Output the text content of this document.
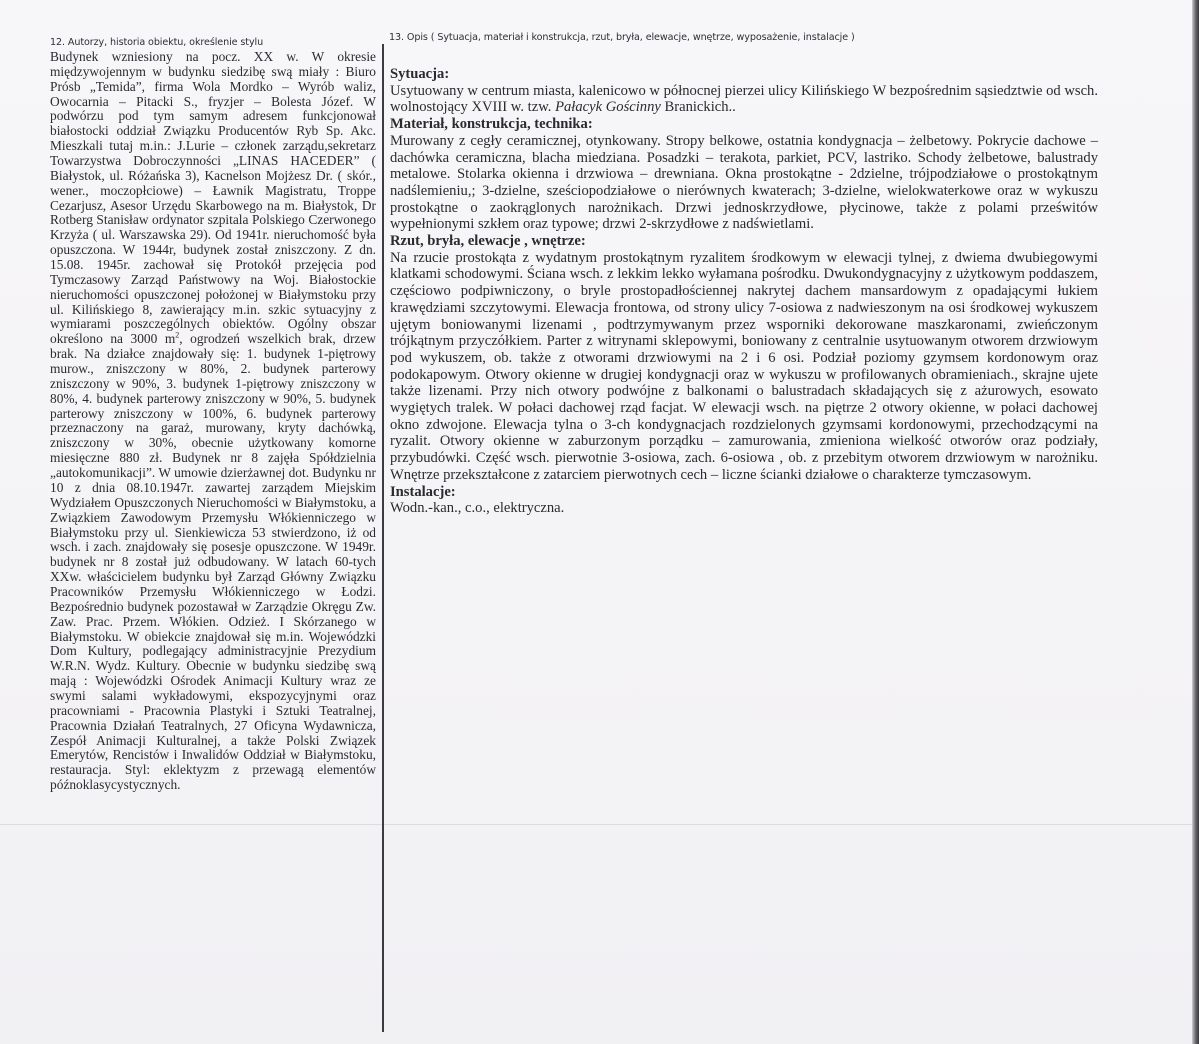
12. Autorzy, historia obiektu, określenie stylu	13. Opis ( Sytuacja, materiał i konstrukcja, rzut, bryła, elewacje, wnętrze, wyposażenie, instalacje )
Budynek wzniesiony na pocz. XX w. W okresie międzywojennym w budynku siedzibę swą miały : Biuro Prósb „Temida”, firma Wola Mordko – Wyrób waliz, Owocarnia – Pitacki S., fryzjer – Bolesta Józef. W podwórzu pod tym samym adresem funkcjonował białostocki oddział Związku Producentów Ryb Sp. Akc. Mieszkali tutaj m.in.: J.Lurie – członek zarządu,sekretarz Towarzystwa Dobroczynności „LINAS HACEDER” ( Białystok, ul. Różańska 3), Kacnelson Mojżesz Dr. ( skór., wener., moczopłciowe) – Ławnik Magistratu, Troppe Cezarjusz, Asesor Urzędu Skarbowego na m. Białystok, Dr Rotberg Stanisław ordynator szpitala Polskiego Czerwonego Krzyża ( ul. Warszawska 29). Od 1941r. nieruchomość była opuszczona. W 1944r, budynek został zniszczony. Z dn. 15.08. 1945r. zachował się Protokół przejęcia pod Tymczasowy Zarząd Państwowy na Woj. Białostockie nieruchomości opuszczonej położonej w Białymstoku przy ul. Kilińskiego 8, zawierający m.in. szkic sytuacyjny z wymiarami poszczególnych obiektów. Ogólny obszar określono na 3000 $m^2$, ogrodzeń wszelkich brak, drzew brak. Na działce znajdowały się: 1. budynek 1-piętrowy murow., zniszczony w 80%, 2. budynek parterowy zniszczony w 90%, 3. budynek 1-piętrowy zniszczony w 80%, 4. budynek parterowy zniszczony w 90%, 5. budynek parterowy zniszczony w 100%, 6. budynek parterowy przeznaczony na garaż, murowany, kryty dachówką, zniszczony w 30%, obecnie użytkowany komorne miesięczne 880 zł. Budynek nr 8 zajęła Spółdzielnia „autokomunikacji”. W umowie dzierżawnej dot. Budynku nr 10 z dnia 08.10.1947r. zawartej zarządem Miejskim Wydziałem Opuszczonych Nieruchomości w Białymstoku, a Związkiem Zawodowym Przemysłu Włókienniczego w Białymstoku przy ul. Sienkiewicza 53 stwierdzono, iż od wsch. i zach. znajdowały się posesje opuszczone. W 1949r. budynek nr 8 został już odbudowany. W latach 60-tych XXw. właścicielem budynku był Zarząd Główny Związku Pracowników Przemysłu Włókienniczego w Łodzi. Bezpośrednio budynek pozostawał w Zarządzie Okręgu Zw. Zaw. Prac. Przem. Włókien. Odzież. I Skórzanego w Białymstoku. W obiekcie znajdował się m.in. Wojewódzki Dom Kultury, podlegający administracyjnie Prezydium W.R.N. Wydz. Kultury. Obecnie w budynku siedzibę swą mają : Wojewódzki Ośrodek Animacji Kultury wraz ze swymi salami wykładowymi, ekspozycyjnymi oraz pracowniami - Pracownia Plastyki i Sztuki Teatralnej, Pracownia Działań Teatralnych, 27 Oficyna Wydawnicza, Zespół Animacji Kulturalnej, a także Polski Związek Emerytów, Rencistów i Inwalidów Oddział w Białymstoku, restauracja. Styl: eklektyzm z przewagą elementów późnoklasycystycznych.
Sytuacja:
Usytuowany w centrum miasta, kalenicowo w północnej pierzei ulicy Kilińskiego W bezpośrednim sąsiedztwie od wsch. wolnostojący XVIII w. tzw. Pałacyk Gościnny Branickich..
Materiał, konstrukcja, technika:
Murowany z cegły ceramicznej, otynkowany. Stropy belkowe, ostatnia kondygnacja – żelbetowy. Pokrycie dachowe – dachówka ceramiczna, blacha miedziana. Posadzki – terakota, parkiet, PCV, lastriko. Schody żelbetowe, balustrady metalowe. Stolarka okienna i drzwiowa – drewniana. Okna prostokątne - 2dzielne, trójpodziałowe o prostokątnym nadślemieniu,; 3-dzielne, sześciopodziałowe o nierównych kwaterach; 3-dzielne, wielokwaterkowe oraz w wykuszu prostokątne o zaokrąglonych narożnikach. Drzwi jednoskrzydłowe, płycinowe, także z polami prześwitów wypełnionymi szkłem oraz typowe; drzwi 2-skrzydłowe z nadświetlami.
Rzut, bryła, elewacje , wnętrze:
Na rzucie prostokąta z wydatnym prostokątnym ryzalitem środkowym w elewacji tylnej, z dwiema dwubiegowymi klatkami schodowymi. Ściana wsch. z lekkim lekko wyłamana pośrodku. Dwukondygnacyjny z użytkowym poddaszem, częściowo podpiwniczony, o bryle prostopadłościennej nakrytej dachem mansardowym z opadającymi łukiem krawędziami szczytowymi. Elewacja frontowa, od strony ulicy 7-osiowa z nadwieszonym na osi środkowej wykuszem ujętym boniowanymi lizenami , podtrzymywanym przez wsporniki dekorowane maszkaronami, zwieńczonym trójkątnym przyczółkiem. Parter z witrynami sklepowymi, boniowany z centralnie usytuowanym otworem drzwiowym pod wykuszem, ob. także z otworami drzwiowymi na 2 i 6 osi. Podział poziomy gzymsem kordonowym oraz podokapowym. Otwory okienne w drugiej kondygnacji oraz w wykuszu w profilowanych obramieniach., skrajne ujete także lizenami. Przy nich otwory podwójne z balkonami o balustradach składających się z ażurowych, esowato wygiętych tralek. W połaci dachowej rząd facjat. W elewacji wsch. na piętrze 2 otwory okienne, w połaci dachowej okno zdwojone. Elewacja tylna o 3-ch kondygnacjach rozdzielonych gzymsami kordonowymi, przechodzącymi na ryzalit. Otwory okienne w zaburzonym porządku – zamurowania, zmieniona wielkość otworów oraz podziały, przybudówki. Część wsch. pierwotnie 3-osiowa, zach. 6-osiowa , ob. z przebitym otworem drzwiowym w narożniku. Wnętrze przekształcone z zatarciem pierwotnych cech – liczne ścianki działowe o charakterze tymczasowym.
Instalacje:
Wodn.-kan., c.o., elektryczna.
